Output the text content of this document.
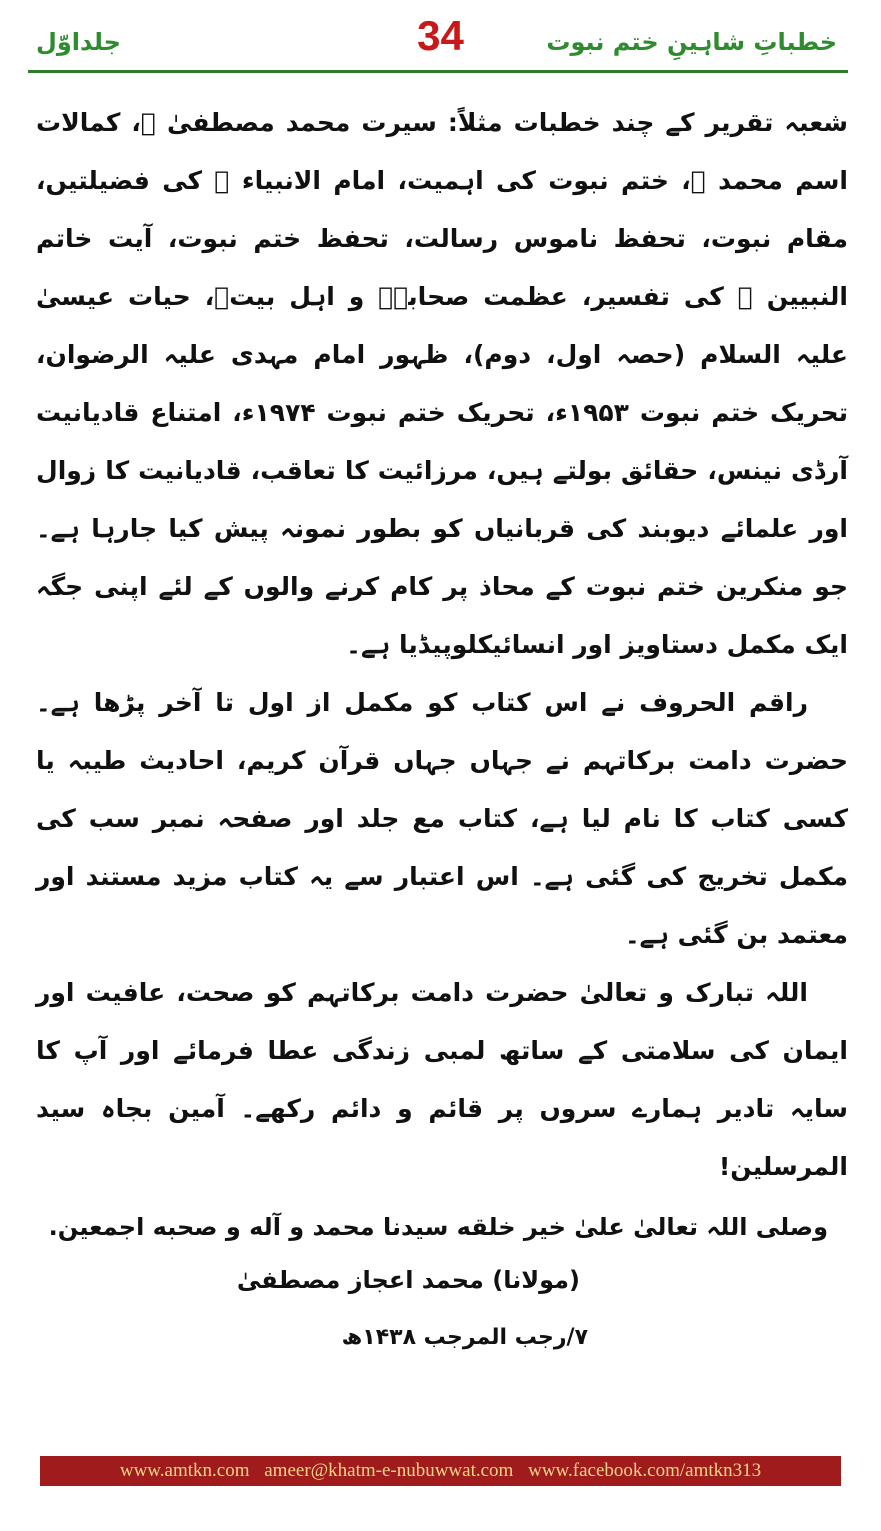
جلداوّل	34	خطباتِ شاہینِ ختم نبوت

شعبہ تقریر کے چند خطبات مثلاً: سیرت محمد مصطفیٰ ﷺ، کمالات اسم محمد ﷺ، ختم نبوت کی اہمیت، امام الانبیاء ﷺ کی فضیلتیں، مقام نبوت، تحفظ ناموس رسالت، تحفظ ختم نبوت، آیت خاتم النبیین ﷺ کی تفسیر، عظمت صحابہؓ و اہل بیتؓ، حیات عیسیٰ علیہ السلام (حصہ اول، دوم)، ظہور امام مہدی علیہ الرضوان، تحریک ختم نبوت ۱۹۵۳ء، تحریک ختم نبوت ۱۹۷۴ء، امتناع قادیانیت آرڈی نینس، حقائق بولتے ہیں، مرزائیت کا تعاقب، قادیانیت کا زوال اور علمائے دیوبند کی قربانیاں کو بطور نمونہ پیش کیا جارہا ہے۔ جو منکرین ختم نبوت کے محاذ پر کام کرنے والوں کے لئے اپنی جگہ ایک مکمل دستاویز اور انسائیکلوپیڈیا ہے۔

راقم الحروف نے اس کتاب کو مکمل از اول تا آخر پڑھا ہے۔ حضرت دامت برکاتہم نے جہاں جہاں قرآن کریم، احادیث طیبہ یا کسی کتاب کا نام لیا ہے، کتاب مع جلد اور صفحہ نمبر سب کی مکمل تخریج کی گئی ہے۔ اس اعتبار سے یہ کتاب مزید مستند اور معتمد بن گئی ہے۔

اللہ تبارک و تعالیٰ حضرت دامت برکاتہم کو صحت، عافیت اور ایمان کی سلامتی کے ساتھ لمبی زندگی عطا فرمائے اور آپ کا سایہ تادیر ہمارے سروں پر قائم و دائم رکھے۔ آمین بجاہ سید المرسلین!

وصلی اللہ تعالیٰ علیٰ خیر خلقه سیدنا محمد و آله و صحبه اجمعین.

(مولانا) محمد اعجاز مصطفیٰ

۷/رجب المرجب ۱۴۳۸ھ

www.amtkn.com ameer@khatm-e-nubuwwat.com www.facebook.com/amtkn313
